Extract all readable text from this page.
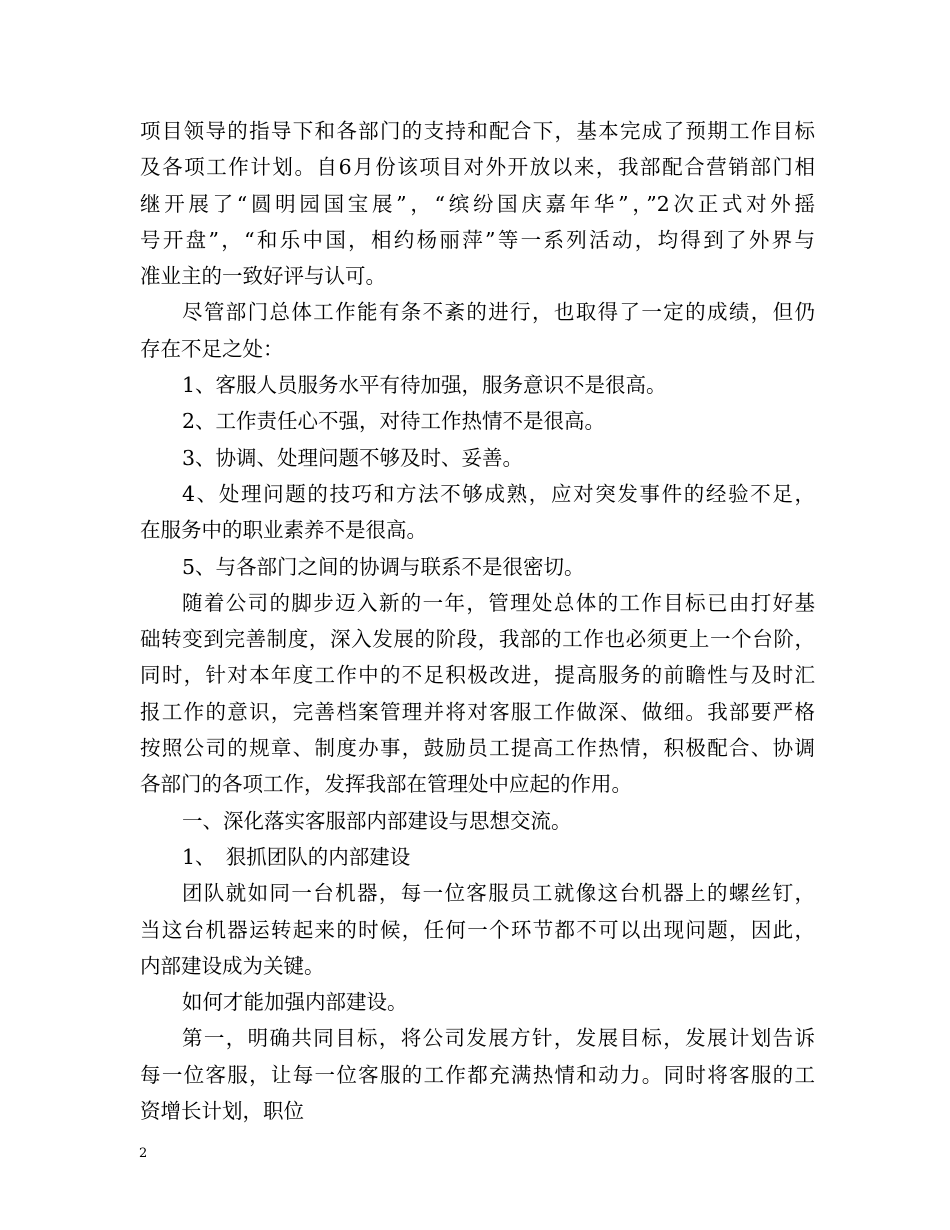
项目领导的指导下和各部门的支持和配合下，基本完成了预期工作目标
及各项工作计划。自6月份该项目对外开放以来，我部配合营销部门相
继开展了“圆明园国宝展”，“缤纷国庆嘉年华”，”2次正式对外摇
号开盘”，“和乐中国，相约杨丽萍”等一系列活动，均得到了外界与
准业主的一致好评与认可。
尽管部门总体工作能有条不紊的进行，也取得了一定的成绩，但仍
存在不足之处：
1、客服人员服务水平有待加强，服务意识不是很高。
2、工作责任心不强，对待工作热情不是很高。
3、协调、处理问题不够及时、妥善。
4、处理问题的技巧和方法不够成熟，应对突发事件的经验不足，
在服务中的职业素养不是很高。
5、与各部门之间的协调与联系不是很密切。
随着公司的脚步迈入新的一年，管理处总体的工作目标已由打好基
础转变到完善制度，深入发展的阶段，我部的工作也必须更上一个台阶，
同时，针对本年度工作中的不足积极改进，提高服务的前瞻性与及时汇
报工作的意识，完善档案管理并将对客服工作做深、做细。我部要严格
按照公司的规章、制度办事，鼓励员工提高工作热情，积极配合、协调
各部门的各项工作，发挥我部在管理处中应起的作用。
一、深化落实客服部内部建设与思想交流。
1、　狠抓团队的内部建设
团队就如同一台机器，每一位客服员工就像这台机器上的螺丝钉，
当这台机器运转起来的时候，任何一个环节都不可以出现问题，因此，
内部建设成为关键。
如何才能加强内部建设。
第一，明确共同目标，将公司发展方针，发展目标，发展计划告诉
每一位客服，让每一位客服的工作都充满热情和动力。同时将客服的工
资增长计划，职位
2
